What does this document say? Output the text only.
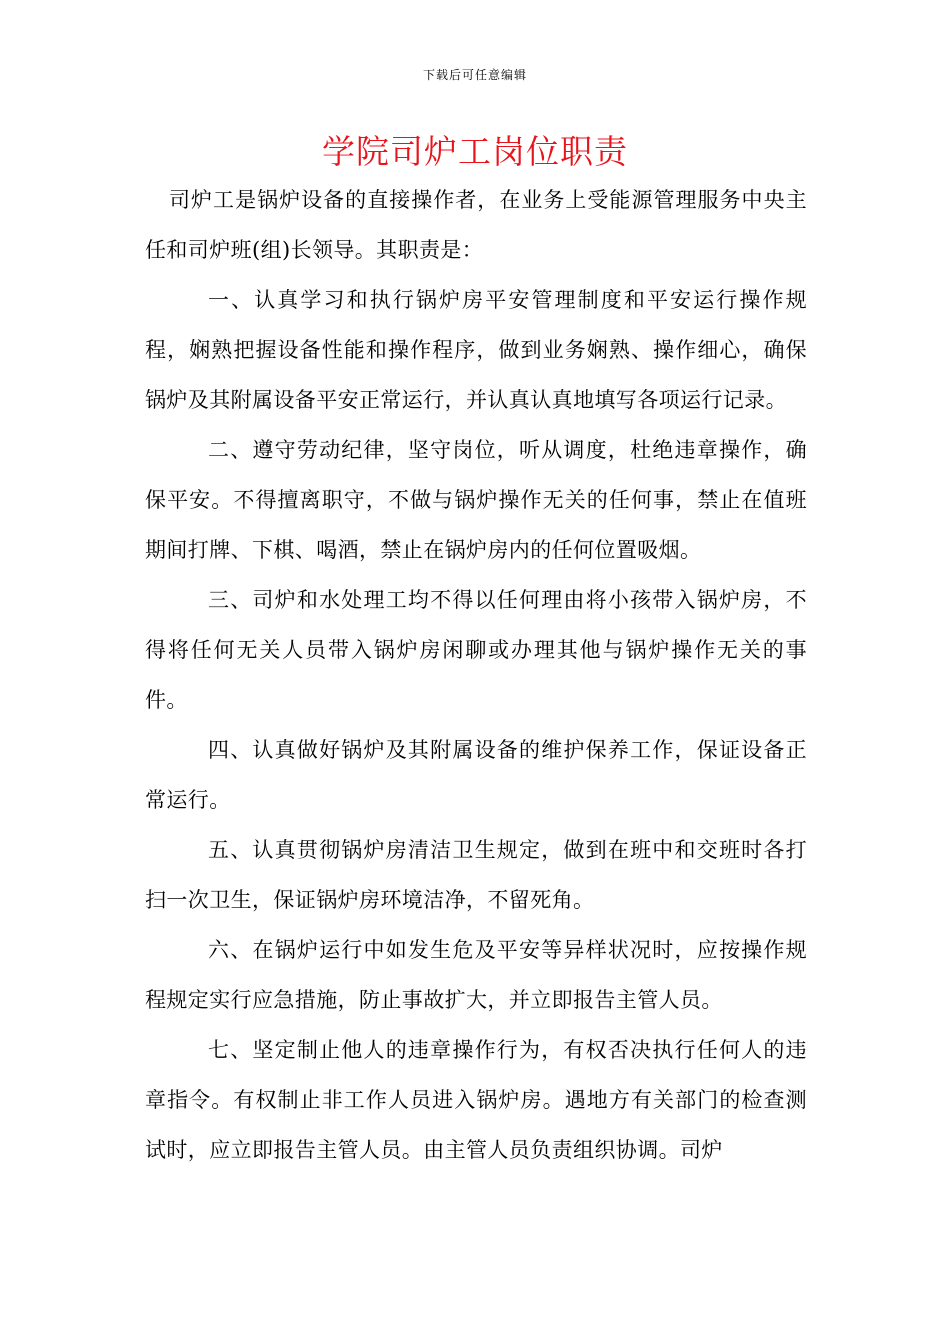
下载后可任意编辑
学院司炉工岗位职责

司炉工是锅炉设备的直接操作者，在业务上受能源管理服务中央主任和司炉班(组)长领导。其职责是：

一、认真学习和执行锅炉房平安管理制度和平安运行操作规程，娴熟把握设备性能和操作程序，做到业务娴熟、操作细心，确保锅炉及其附属设备平安正常运行，并认真认真地填写各项运行记录。

二、遵守劳动纪律，坚守岗位，听从调度，杜绝违章操作，确保平安。不得擅离职守，不做与锅炉操作无关的任何事，禁止在值班期间打牌、下棋、喝酒，禁止在锅炉房内的任何位置吸烟。

三、司炉和水处理工均不得以任何理由将小孩带入锅炉房，不得将任何无关人员带入锅炉房闲聊或办理其他与锅炉操作无关的事件。

四、认真做好锅炉及其附属设备的维护保养工作，保证设备正常运行。

五、认真贯彻锅炉房清洁卫生规定，做到在班中和交班时各打扫一次卫生，保证锅炉房环境洁净，不留死角。

六、在锅炉运行中如发生危及平安等异样状况时，应按操作规程规定实行应急措施，防止事故扩大，并立即报告主管人员。

七、坚定制止他人的违章操作行为，有权否决执行任何人的违章指令。有权制止非工作人员进入锅炉房。遇地方有关部门的检查测试时，应立即报告主管人员。由主管人员负责组织协调。司炉
